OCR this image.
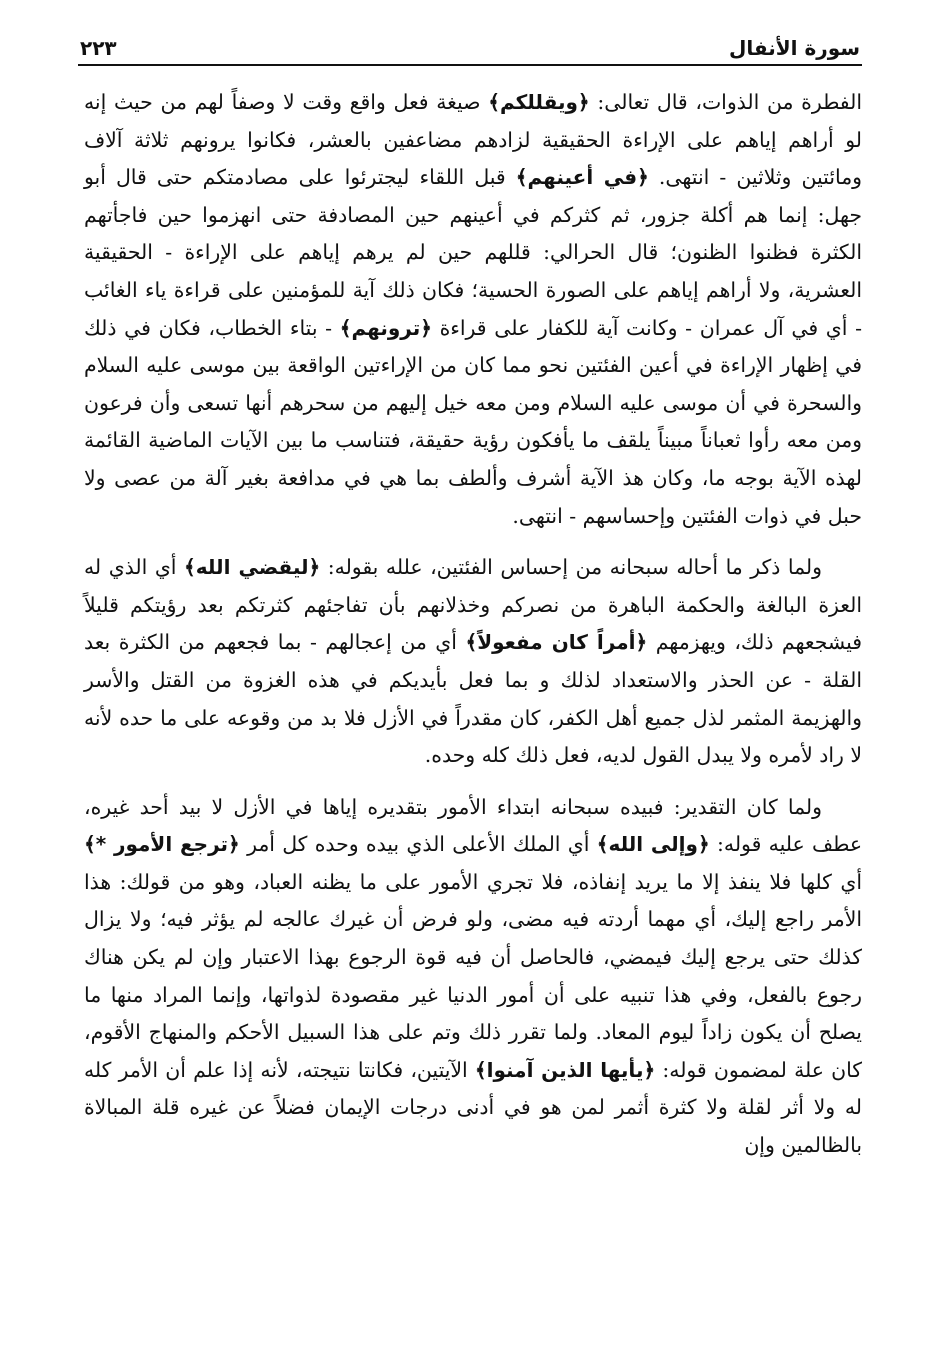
سورة الأنفال
٢٢٣

الفطرة من الذوات، قال تعالى: ﴿ويقللكم﴾ صيغة فعل واقع وقت لا وصفاً لهم من حيث إنه لو أراهم إياهم على الإراءة الحقيقية لزادهم مضاعفين بالعشر، فكانوا يرونهم ثلاثة آلاف ومائتين وثلاثين - انتهى. ﴿في أعينهم﴾ قبل اللقاء ليجترئوا على مصادمتكم حتى قال أبو جهل: إنما هم أكلة جزور، ثم كثركم في أعينهم حين المصادفة حتى انهزموا حين فاجأتهم الكثرة فظنوا الظنون؛ قال الحرالي: قللهم حين لم يرهم إياهم على الإراءة - الحقيقية العشرية، ولا أراهم إياهم على الصورة الحسية؛ فكان ذلك آية للمؤمنين على قراءة ياء الغائب - أي في آل عمران - وكانت آية للكفار على قراءة ﴿ترونهم﴾ - بتاء الخطاب، فكان في ذلك في إظهار الإراءة في أعين الفئتين نحو مما كان من الإراءتين الواقعة بين موسى عليه السلام والسحرة في أن موسى عليه السلام ومن معه خيل إليهم من سحرهم أنها تسعى وأن فرعون ومن معه رأوا ثعباناً مبيناً يلقف ما يأفكون رؤية حقيقة، فتناسب ما بين الآيات الماضية القائمة لهذه الآية بوجه ما، وكان هذ الآية أشرف وألطف بما هي في مدافعة بغير آلة من عصى ولا حبل في ذوات الفئتين وإحساسهم - انتهى.

ولما ذكر ما أحاله سبحانه من إحساس الفئتين، علله بقوله: ﴿ليقضي الله﴾ أي الذي له العزة البالغة والحكمة الباهرة من نصركم وخذلانهم بأن تفاجئهم كثرتكم بعد رؤيتكم قليلاً فيشجعهم ذلك، ويهزمهم ﴿أمراً كان مفعولاً﴾ أي من إعجالهم - بما فجعهم من الكثرة بعد القلة - عن الحذر والاستعداد لذلك و بما فعل بأيديكم في هذه الغزوة من القتل والأسر والهزيمة المثمر لذل جميع أهل الكفر، كان مقدراً في الأزل فلا بد من وقوعه على ما حده لأنه لا راد لأمره ولا يبدل القول لديه، فعل ذلك كله وحده.

ولما كان التقدير: فبيده سبحانه ابتداء الأمور بتقديره إياها في الأزل لا بيد أحد غيره، عطف عليه قوله: ﴿وإلى الله﴾ أي الملك الأعلى الذي بيده وحده كل أمر ﴿ترجع الأمور *﴾ أي كلها فلا ينفذ إلا ما يريد إنفاذه، فلا تجري الأمور على ما يظنه العباد، وهو من قولك: هذا الأمر راجع إليك، أي مهما أردته فيه مضى، ولو فرض أن غيرك عالجه لم يؤثر فيه؛ ولا يزال كذلك حتى يرجع إليك فيمضي، فالحاصل أن فيه قوة الرجوع بهذا الاعتبار وإن لم يكن هناك رجوع بالفعل، وفي هذا تنبيه على أن أمور الدنيا غير مقصودة لذواتها، وإنما المراد منها ما يصلح أن يكون زاداً ليوم المعاد. ولما تقرر ذلك وتم على هذا السبيل الأحكم والمنهاج الأقوم، كان علة لمضمون قوله: ﴿يأيها الذين آمنوا﴾ الآيتين، فكانتا نتيجته، لأنه إذا علم أن الأمر كله له ولا أثر لقلة ولا كثرة أثمر لمن هو في أدنى درجات الإيمان فضلاً عن غيره قلة المبالاة بالظالمين وإن
